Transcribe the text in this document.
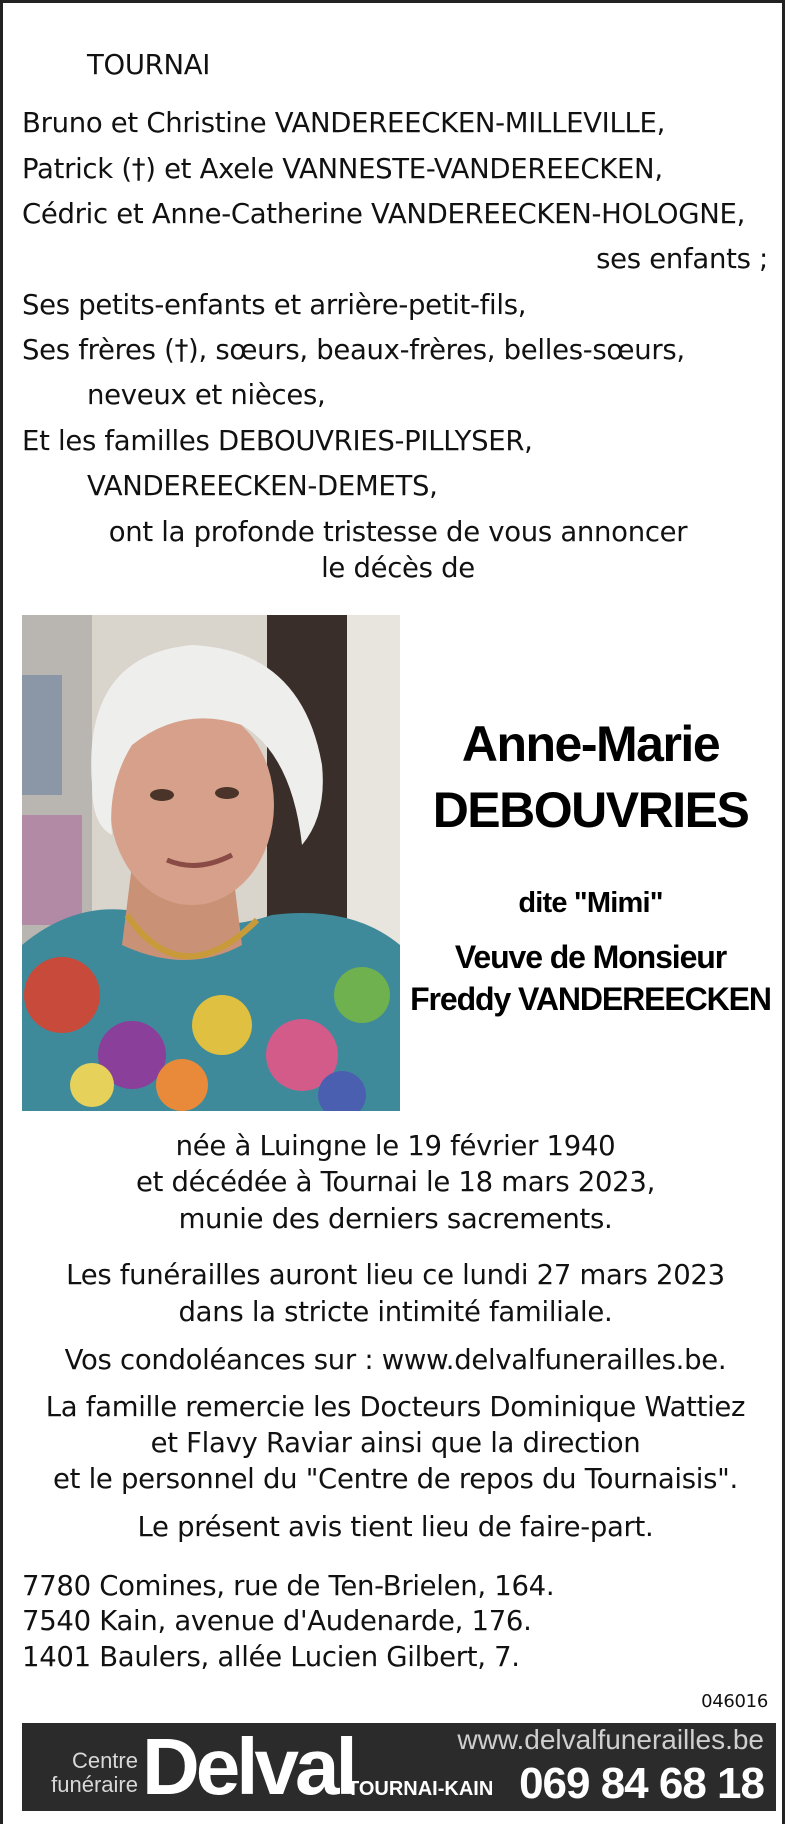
TOURNAI
Bruno et Christine VANDEREECKEN-MILLEVILLE,
Patrick (†) et Axele VANNESTE-VANDEREECKEN,
Cédric et Anne-Catherine VANDEREECKEN-HOLOGNE,
ses enfants ;
Ses petits-enfants et arrière-petit-fils,
Ses frères (†), sœurs, beaux-frères, belles-sœurs,
neveux et nièces,
Et les familles DEBOUVRIES-PILLYSER,
VANDEREECKEN-DEMETS,
ont la profonde tristesse de vous annoncer
le décès de
Anne-Marie
DEBOUVRIES
dite "Mimi"
Veuve de Monsieur
Freddy VANDEREECKEN
née à Luingne le 19 février 1940
et décédée à Tournai le 18 mars 2023,
munie des derniers sacrements.
Les funérailles auront lieu ce lundi 27 mars 2023
dans la stricte intimité familiale.
Vos condoléances sur : www.delvalfunerailles.be.
La famille remercie les Docteurs Dominique Wattiez
et Flavy Raviar ainsi que la direction
et le personnel du "Centre de repos du Tournaisis".
Le présent avis tient lieu de faire-part.
7780 Comines, rue de Ten-Brielen, 164.
7540 Kain, avenue d'Audenarde, 176.
1401 Baulers, allée Lucien Gilbert, 7.
046016
Centre
funéraire Delval	www.delvalfunerailles.be
TOURNAI-KAIN 069 84 68 18
